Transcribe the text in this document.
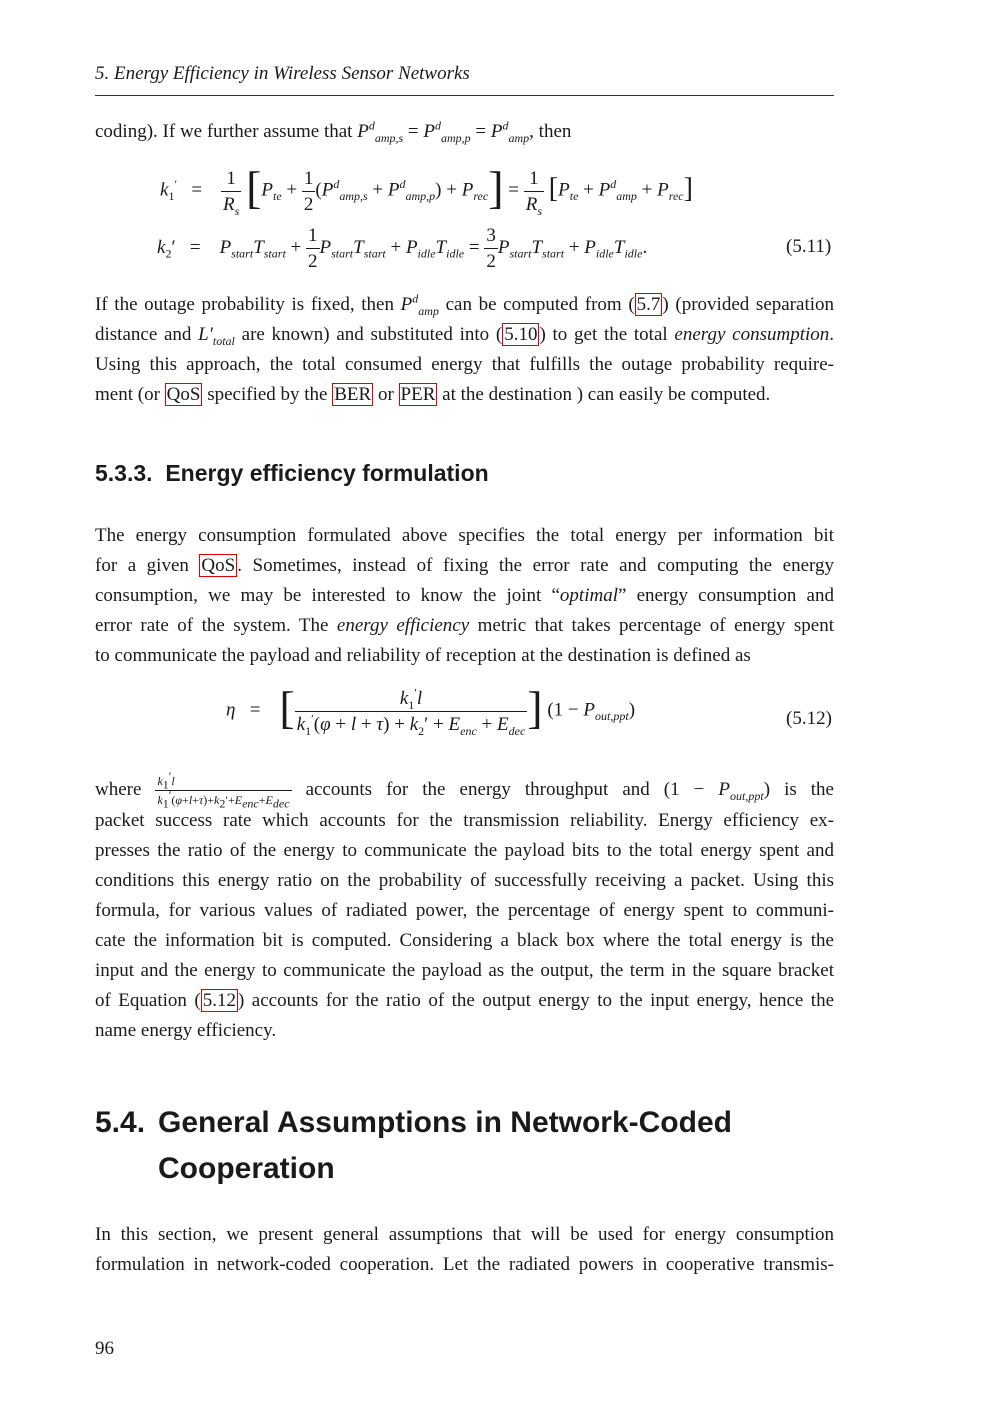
5. Energy Efficiency in Wireless Sensor Networks
coding). If we further assume that $P^d_{amp,s} = P^d_{amp,p} = P^d_{amp}$, then
$k_1' = \frac{1}{R_s} [P_{te} + \frac{1}{2} (P^d_{amp,s} + P^d_{amp,p}) + P_{rec}] = \frac{1}{R_s} [P_{te} + P^d_{amp} + P_{rec}]$
$k_2'$   =    $P_{start}T_{start} + \frac{1}{2} P_{start}T_{start} + P_{idle}T_{idle} = \frac{3}{2} P_{start}T_{start} + P_{idle}T_{idle}$.	(5.11)
If the outage probability is fixed, then $P^d_{amp}$ can be computed from ( 5.7 ) (provided separation
distance and $L'_{total}$ are known) and substituted into ( 5.10 ) to get the total energy consumption.
Using this approach, the total consumed energy that fulfills the outage probability require-
ment (or QoS specified by the BER or PER at the destination ) can easily be computed.
5.3.3. Energy efficiency formulation
The energy consumption formulated above specifies the total energy per information bit
for a given QoS . Sometimes, instead of fixing the error rate and computing the energy
consumption, we may be interested to know the joint “optimal” energy consumption and
error rate of the system. The energy efficiency metric that takes percentage of energy spent
to communicate the payload and reliability of reception at the destination is defined as
η   =    [ $\frac{k_1'l}{k_1'(\varphi + l + \tau) + k_2' + E_{enc} + E_{dec}}$ ] $(1 - P_{out,ppt})$	(5.12)
where $\frac{k_1'l}{k_1'(\varphi+l+\tau)+k_2'+E_{enc}+E_{dec}}$ accounts for the energy throughput and $(1 - P_{out,ppt})$ is the
packet success rate which accounts for the transmission reliability. Energy efficiency ex-
presses the ratio of the energy to communicate the payload bits to the total energy spent and
conditions this energy ratio on the probability of successfully receiving a packet. Using this
formula, for various values of radiated power, the percentage of energy spent to communi-
cate the information bit is computed. Considering a black box where the total energy is the
input and the energy to communicate the payload as the output, the term in the square bracket
of Equation ( 5.12 ) accounts for the ratio of the output energy to the input energy, hence the
name energy efficiency.
5.4. General Assumptions in Network-Coded
Cooperation
In this section, we present general assumptions that will be used for energy consumption
formulation in network-coded cooperation. Let the radiated powers in cooperative transmis-
96
